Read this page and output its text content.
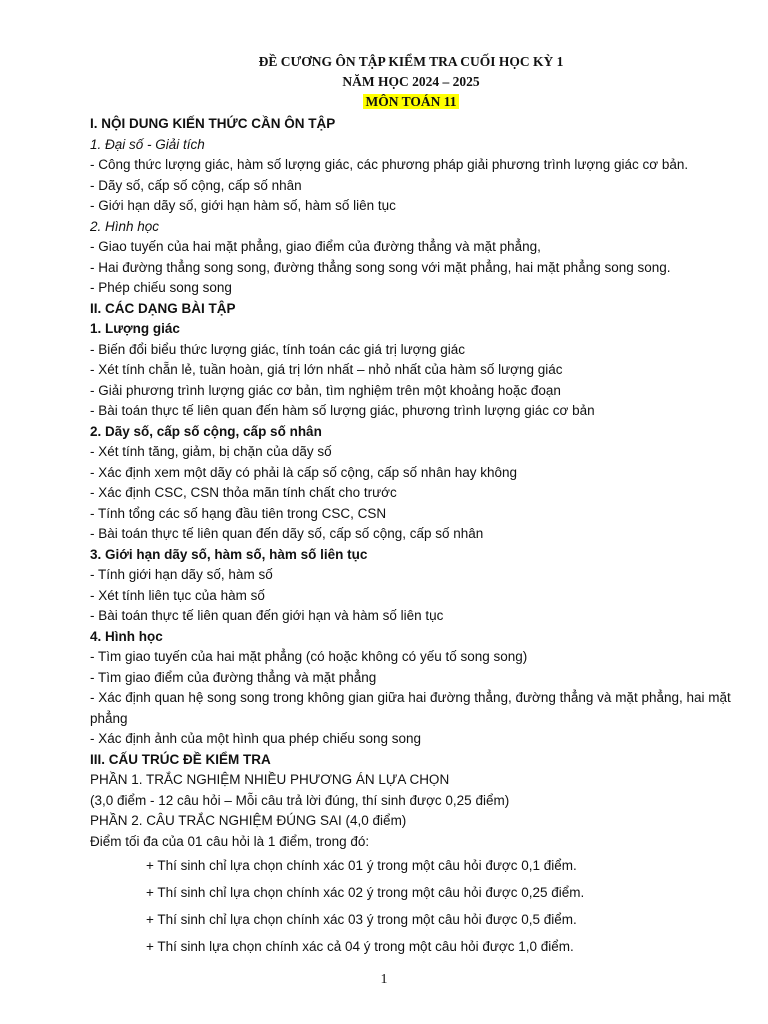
ĐỀ CƯƠNG ÔN TẬP KIỂM TRA CUỐI HỌC KỲ 1

NĂM HỌC 2024 – 2025

MÔN TOÁN 11

I. NỘI DUNG KIẾN THỨC CẦN ÔN TẬP

1. Đại số - Giải tích

- Công thức lượng giác, hàm số lượng giác, các phương pháp giải phương trình lượng giác cơ bản.

- Dãy số, cấp số cộng, cấp số nhân

- Giới hạn dãy số, giới hạn hàm số, hàm số liên tục

2. Hình học

- Giao tuyến của hai mặt phẳng, giao điểm của đường thẳng và mặt phẳng,

- Hai đường thẳng song song, đường thẳng song song với mặt phẳng, hai mặt phẳng song song.

- Phép chiếu song song

II. CÁC DẠNG BÀI TẬP

1. Lượng giác

- Biến đổi biểu thức lượng giác, tính toán các giá trị lượng giác

- Xét tính chẵn lẻ, tuần hoàn, giá trị lớn nhất – nhỏ nhất của hàm số lượng giác

- Giải phương trình lượng giác cơ bản, tìm nghiệm trên một khoảng hoặc đoạn

- Bài toán thực tế liên quan đến hàm số lượng giác, phương trình lượng giác cơ bản

2. Dãy số, cấp số cộng, cấp số nhân

- Xét tính tăng, giảm, bị chặn của dãy số

- Xác định xem một dãy có phải là cấp số cộng, cấp số nhân hay không

- Xác định CSC, CSN thỏa mãn tính chất cho trước

- Tính tổng các số hạng đầu tiên trong CSC, CSN

- Bài toán thực tế liên quan đến dãy số, cấp số cộng, cấp số nhân

3. Giới hạn dãy số, hàm số, hàm số liên tục

- Tính giới hạn dãy số, hàm số

- Xét tính liên tục của hàm số

- Bài toán thực tế liên quan đến giới hạn và hàm số liên tục

4. Hình học

- Tìm giao tuyến của hai mặt phẳng (có hoặc không có yếu tố song song)

- Tìm giao điểm của đường thẳng và mặt phẳng

- Xác định quan hệ song song trong không gian giữa hai đường thẳng, đường thẳng và mặt phẳng, hai mặt phẳng

- Xác định ảnh của một hình qua phép chiếu song song

III. CẤU TRÚC ĐỀ KIỂM TRA

PHẦN 1. TRẮC NGHIỆM NHIỀU PHƯƠNG ÁN LỰA CHỌN

(3,0 điểm - 12 câu hỏi – Mỗi câu trả lời đúng, thí sinh được 0,25 điểm)

PHẦN 2. CÂU TRẮC NGHIỆM ĐÚNG SAI (4,0 điểm)

Điểm tối đa của 01 câu hỏi là 1 điểm, trong đó:

+ Thí sinh chỉ lựa chọn chính xác 01 ý trong một câu hỏi được 0,1 điểm.

+ Thí sinh chỉ lựa chọn chính xác 02 ý trong một câu hỏi được 0,25 điểm.

+ Thí sinh chỉ lựa chọn chính xác 03 ý trong một câu hỏi được 0,5 điểm.

+ Thí sinh lựa chọn chính xác cả 04 ý trong một câu hỏi được 1,0 điểm.

1
